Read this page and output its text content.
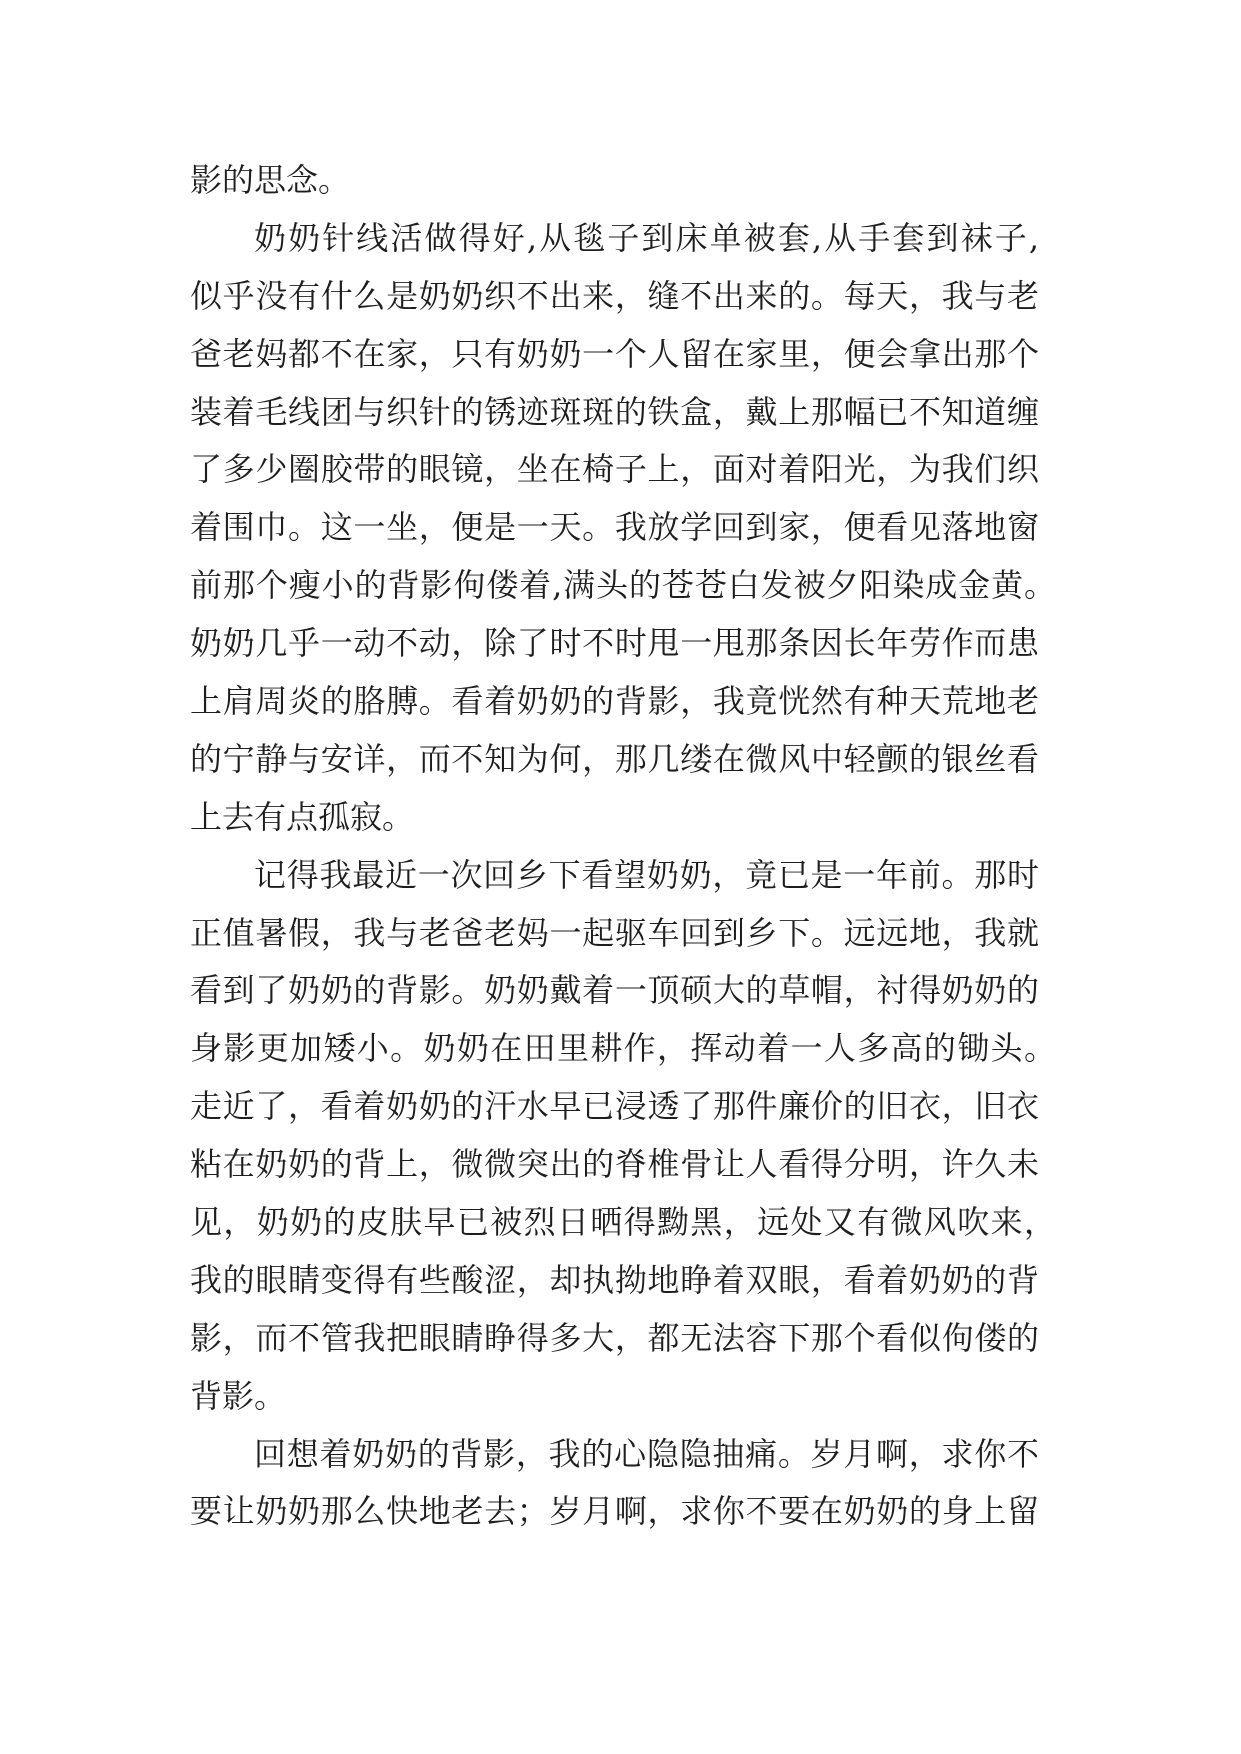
影的思念。
奶奶针线活做得好,从毯子到床单被套,从手套到袜子,
似乎没有什么是奶奶织不出来，缝不出来的。每天，我与老
爸老妈都不在家，只有奶奶一个人留在家里，便会拿出那个
装着毛线团与织针的锈迹斑斑的铁盒，戴上那幅已不知道缠
了多少圈胶带的眼镜，坐在椅子上，面对着阳光，为我们织
着围巾。这一坐，便是一天。我放学回到家，便看见落地窗
前那个瘦小的背影佝偻着,满头的苍苍白发被夕阳染成金黄。
奶奶几乎一动不动，除了时不时甩一甩那条因长年劳作而患
上肩周炎的胳膊。看着奶奶的背影，我竟恍然有种天荒地老
的宁静与安详，而不知为何，那几缕在微风中轻颤的银丝看
上去有点孤寂。
记得我最近一次回乡下看望奶奶，竟已是一年前。那时
正值暑假，我与老爸老妈一起驱车回到乡下。远远地，我就
看到了奶奶的背影。奶奶戴着一顶硕大的草帽，衬得奶奶的
身影更加矮小。奶奶在田里耕作，挥动着一人多高的锄头。
走近了，看着奶奶的汗水早已浸透了那件廉价的旧衣，旧衣
粘在奶奶的背上，微微突出的脊椎骨让人看得分明，许久未
见，奶奶的皮肤早已被烈日晒得黝黑，远处又有微风吹来，
我的眼睛变得有些酸涩，却执拗地睁着双眼，看着奶奶的背
影，而不管我把眼睛睁得多大，都无法容下那个看似佝偻的
背影。
回想着奶奶的背影，我的心隐隐抽痛。岁月啊，求你不
要让奶奶那么快地老去；岁月啊，求你不要在奶奶的身上留
